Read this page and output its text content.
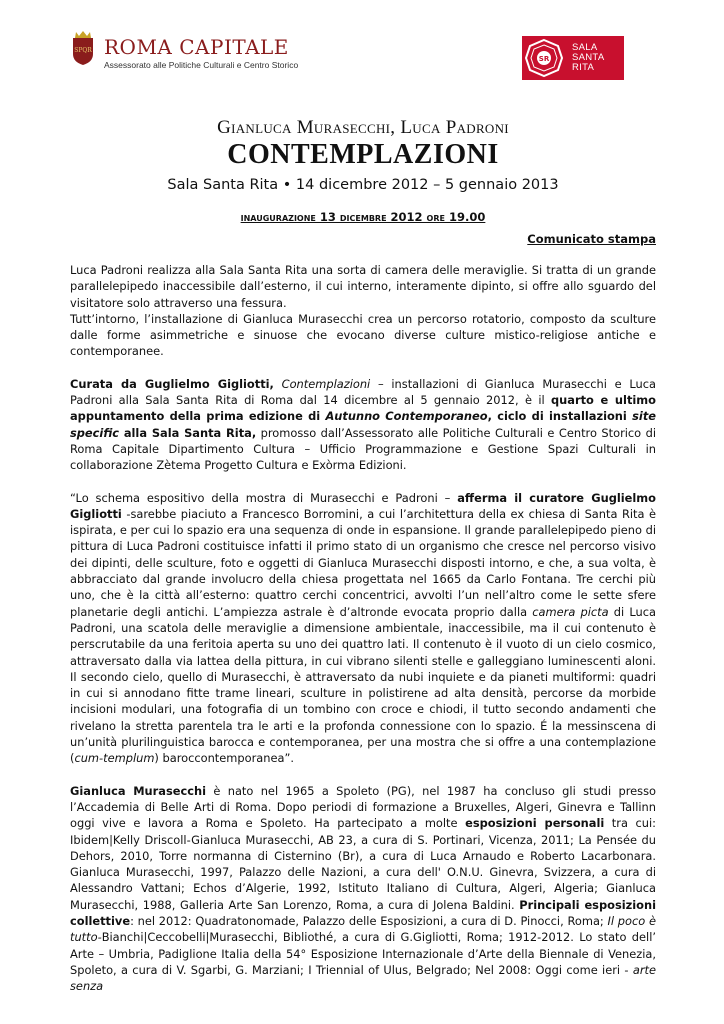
SPQR ROMA CAPITALE
Assessorato alle Politiche Culturali e Centro Storico
SR
SALA
SANTA
RITA
Gianluca Murasecchi, Luca Padroni
CONTEMPLAZIONI
Sala Santa Rita • 14 dicembre 2012 – 5 gennaio 2013
inaugurazione 13 dicembre 2012 ore 19.00
Comunicato stampa

Luca Padroni realizza alla Sala Santa Rita una sorta di camera delle meraviglie. Si tratta di un grande parallelepipedo inaccessibile dall’esterno, il cui interno, interamente dipinto, si offre allo sguardo del visitatore solo attraverso una fessura.

Tutt’intorno, l’installazione di Gianluca Murasecchi crea un percorso rotatorio, composto da sculture dalle forme asimmetriche e sinuose che evocano diverse culture mistico-religiose antiche e contemporanee.

Curata da Guglielmo Gigliotti, Contemplazioni – installazioni di Gianluca Murasecchi e Luca Padroni alla Sala Santa Rita di Roma dal 14 dicembre al 5 gennaio 2012, è il quarto e ultimo appuntamento della prima edizione di Autunno Contemporaneo, ciclo di installazioni site specific alla Sala Santa Rita, promosso dall’Assessorato alle Politiche Culturali e Centro Storico di Roma Capitale Dipartimento Cultura – Ufficio Programmazione e Gestione Spazi Culturali in collaborazione Zètema Progetto Cultura e Exòrma Edizioni.

“Lo schema espositivo della mostra di Murasecchi e Padroni – afferma il curatore Guglielmo Gigliotti -sarebbe piaciuto a Francesco Borromini, a cui l’architettura della ex chiesa di Santa Rita è ispirata, e per cui lo spazio era una sequenza di onde in espansione. Il grande parallelepipedo pieno di pittura di Luca Padroni costituisce infatti il primo stato di un organismo che cresce nel percorso visivo dei dipinti, delle sculture, foto e oggetti di Gianluca Murasecchi disposti intorno, e che, a sua volta, è abbracciato dal grande involucro della chiesa progettata nel 1665 da Carlo Fontana. Tre cerchi più uno, che è la città all’esterno: quattro cerchi concentrici, avvolti l’un nell’altro come le sette sfere planetarie degli antichi. L’ampiezza astrale è d’altronde evocata proprio dalla camera picta di Luca Padroni, una scatola delle meraviglie a dimensione ambientale, inaccessibile, ma il cui contenuto è perscrutabile da una feritoia aperta su uno dei quattro lati. Il contenuto è il vuoto di un cielo cosmico, attraversato dalla via lattea della pittura, in cui vibrano silenti stelle e galleggiano luminescenti aloni. Il secondo cielo, quello di Murasecchi, è attraversato da nubi inquiete e da pianeti multiformi: quadri in cui si annodano fitte trame lineari, sculture in polistirene ad alta densità, percorse da morbide incisioni modulari, una fotografia di un tombino con croce e chiodi, il tutto secondo andamenti che rivelano la stretta parentela tra le arti e la profonda connessione con lo spazio. É la messinscena di un’unità plurilinguistica barocca e contemporanea, per una mostra che si offre a una contemplazione (cum-templum) baroccontemporanea”.

Gianluca Murasecchi è nato nel 1965 a Spoleto (PG), nel 1987 ha concluso gli studi presso l’Accademia di Belle Arti di Roma. Dopo periodi di formazione a Bruxelles, Algeri, Ginevra e Tallinn oggi vive e lavora a Roma e Spoleto. Ha partecipato a molte esposizioni personali tra cui: Ibidem|Kelly Driscoll-Gianluca Murasecchi, AB 23, a cura di S. Portinari, Vicenza, 2011; La Pensée du Dehors, 2010, Torre normanna di Cisternino (Br), a cura di Luca Arnaudo e Roberto Lacarbonara. Gianluca Murasecchi, 1997, Palazzo delle Nazioni, a cura dell' O.N.U. Ginevra, Svizzera, a cura di Alessandro Vattani; Echos d’Algerie, 1992, Istituto Italiano di Cultura, Algeri, Algeria; Gianluca Murasecchi, 1988, Galleria Arte San Lorenzo, Roma, a cura di Jolena Baldini. Principali esposizioni collettive: nel 2012: Quadratonomade, Palazzo delle Esposizioni, a cura di D. Pinocci, Roma; Il poco è tutto-Bianchi|Ceccobelli|Murasecchi, Bibliothé, a cura di G.Gigliotti, Roma; 1912-2012. Lo stato dell’ Arte – Umbria, Padiglione Italia della 54° Esposizione Internazionale d’Arte della Biennale di Venezia, Spoleto, a cura di V. Sgarbi, G. Marziani; I Triennial of Ulus, Belgrado; Nel 2008: Oggi come ieri - arte senza
